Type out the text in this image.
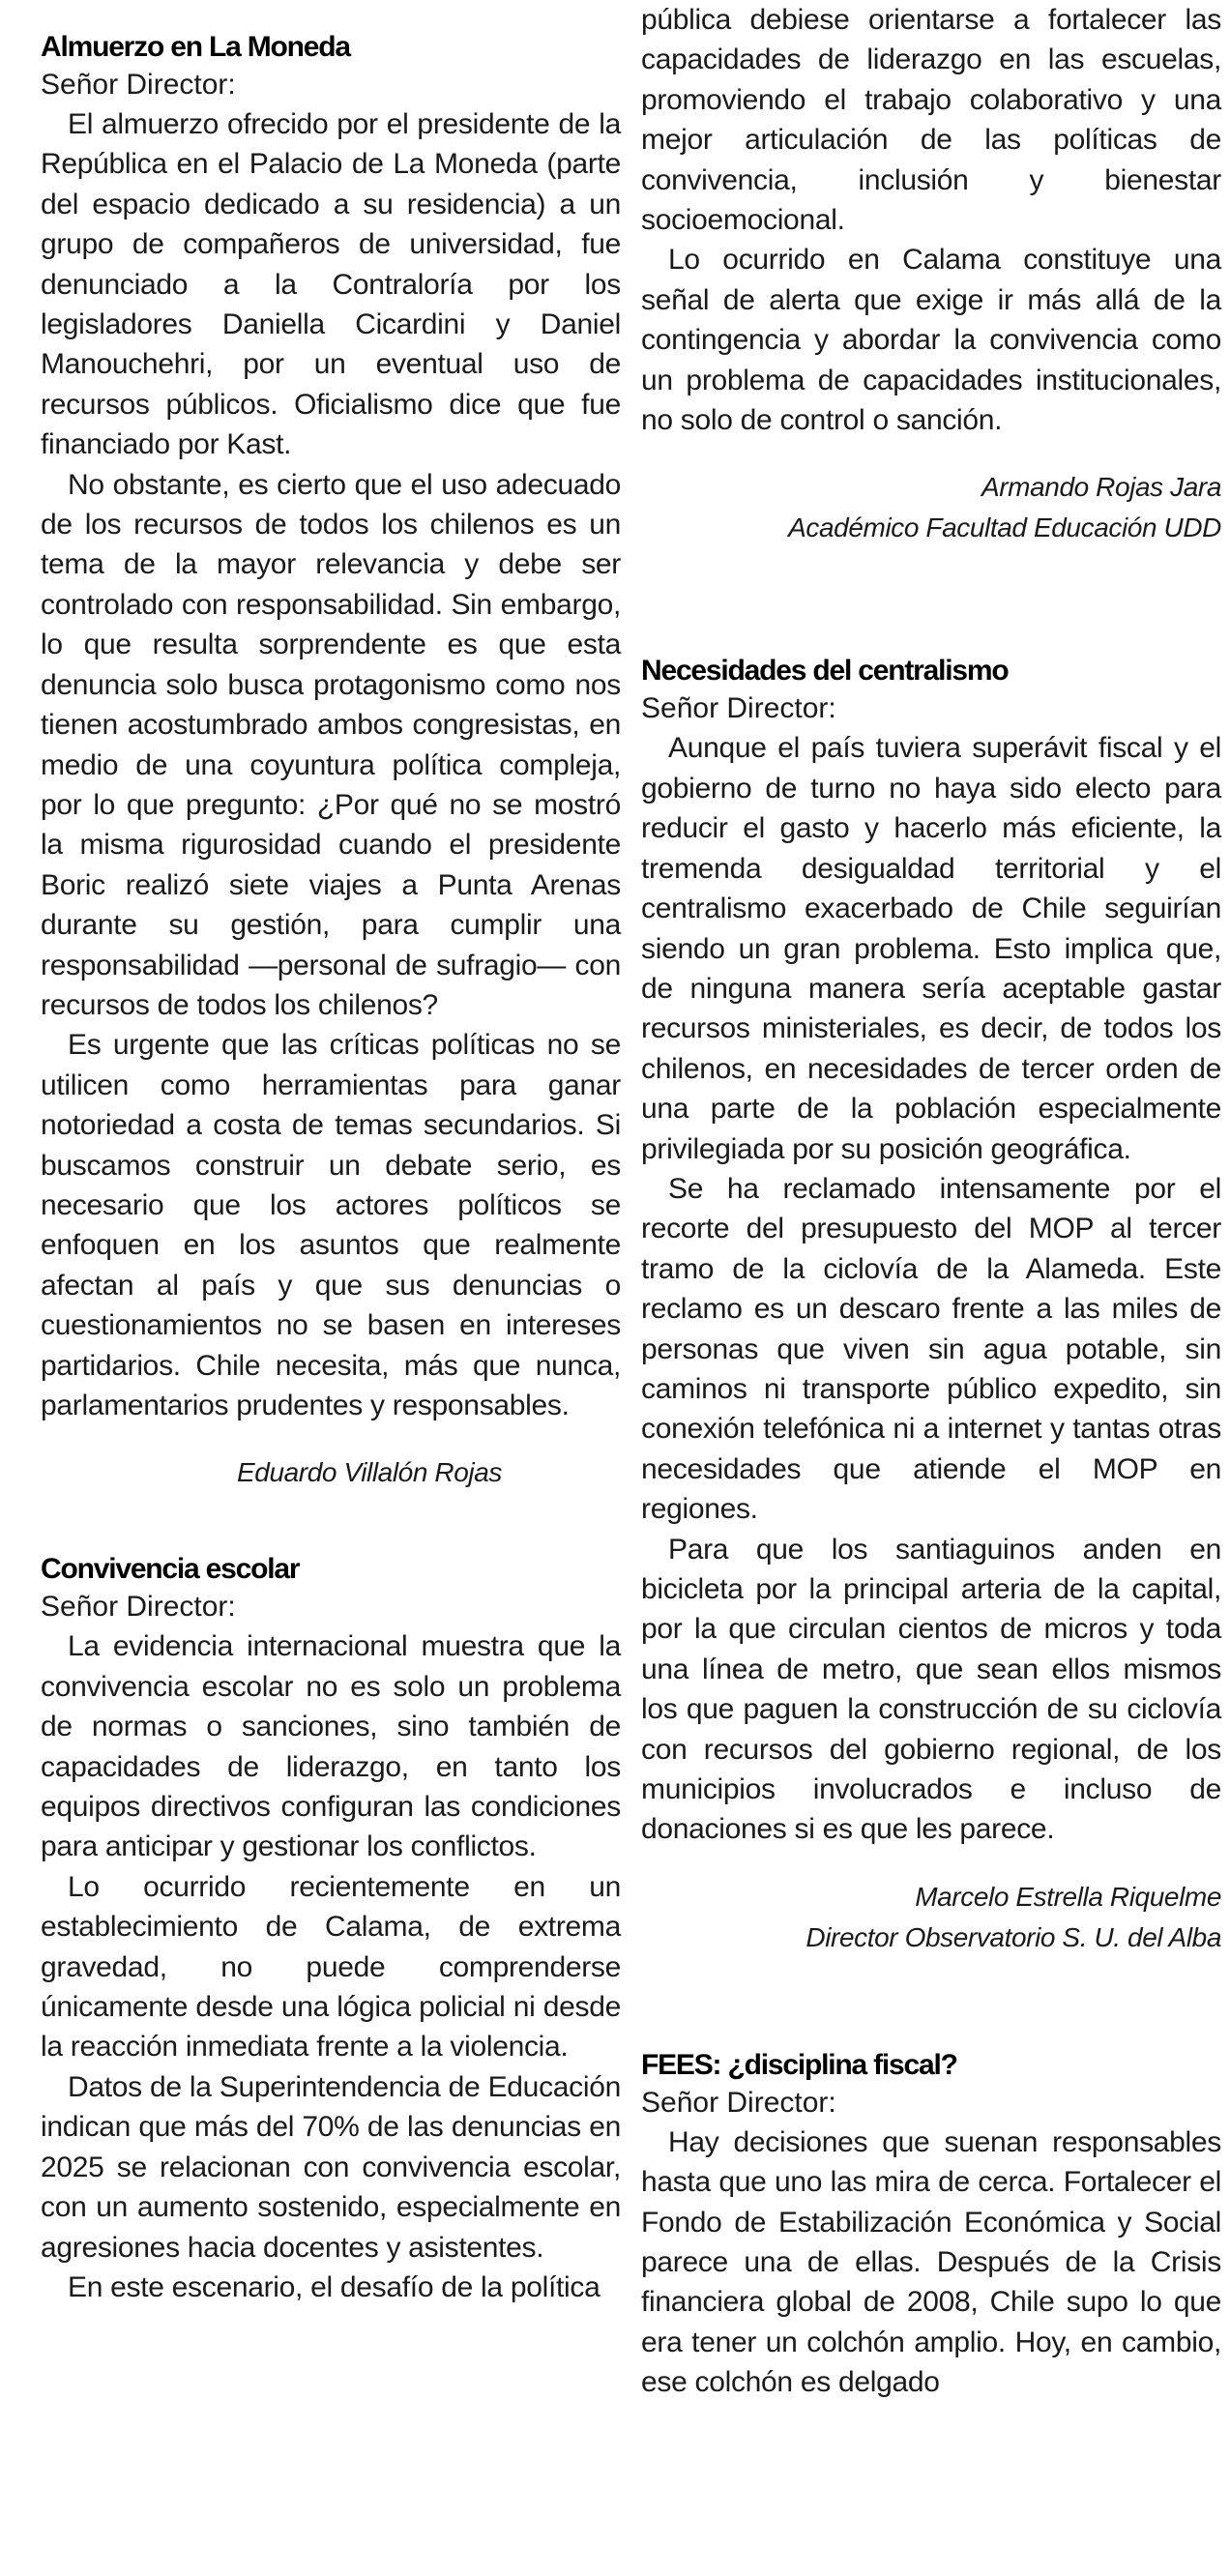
Almuerzo en La Moneda
Señor Director:

El almuerzo ofrecido por el presidente de la República en el Palacio de La Moneda (parte del espacio dedicado a su residencia) a un grupo de compañeros de universidad, fue denunciado a la Contraloría por los legisladores Daniella Cicardini y Daniel Manouchehri, por un eventual uso de recursos públicos. Oficialismo dice que fue financiado por Kast.

No obstante, es cierto que el uso adecuado de los recursos de todos los chilenos es un tema de la mayor relevancia y debe ser controlado con responsabilidad. Sin embargo, lo que resulta sorprendente es que esta denuncia solo busca protagonismo como nos tienen acostumbrado ambos congresistas, en medio de una coyuntura política compleja, por lo que pregunto: ¿Por qué no se mostró la misma rigurosidad cuando el presidente Boric realizó siete viajes a Punta Arenas durante su gestión, para cumplir una responsabilidad —personal de sufragio— con recursos de todos los chilenos?

Es urgente que las críticas políticas no se utilicen como herramientas para ganar notoriedad a costa de temas secundarios. Si buscamos construir un debate serio, es necesario que los actores políticos se enfoquen en los asuntos que realmente afectan al país y que sus denuncias o cuestionamientos no se basen en intereses partidarios. Chile necesita, más que nunca, parlamentarios prudentes y responsables.

Eduardo Villalón Rojas
Convivencia escolar
Señor Director:

La evidencia internacional muestra que la convivencia escolar no es solo un problema de normas o sanciones, sino también de capacidades de liderazgo, en tanto los equipos directivos configuran las condiciones para anticipar y gestionar los conflictos.

Lo ocurrido recientemente en un establecimiento de Calama, de extrema gravedad, no puede comprenderse únicamente desde una lógica policial ni desde la reacción inmediata frente a la violencia.

Datos de la Superintendencia de Educación indican que más del 70% de las denuncias en 2025 se relacionan con convivencia escolar, con un aumento sostenido, especialmente en agresiones hacia docentes y asistentes.

En este escenario, el desafío de la política

pública debiese orientarse a fortalecer las capacidades de liderazgo en las escuelas, promoviendo el trabajo colaborativo y una mejor articulación de las políticas de convivencia, inclusión y bienestar socioemocional.

Lo ocurrido en Calama constituye una señal de alerta que exige ir más allá de la contingencia y abordar la convivencia como un problema de capacidades institucionales, no solo de control o sanción.

Armando Rojas Jara
Académico Facultad Educación UDD
Necesidades del centralismo
Señor Director:

Aunque el país tuviera superávit fiscal y el gobierno de turno no haya sido electo para reducir el gasto y hacerlo más eficiente, la tremenda desigualdad territorial y el centralismo exacerbado de Chile seguirían siendo un gran problema. Esto implica que, de ninguna manera sería aceptable gastar recursos ministeriales, es decir, de todos los chilenos, en necesidades de tercer orden de una parte de la población especialmente privilegiada por su posición geográfica.

Se ha reclamado intensamente por el recorte del presupuesto del MOP al tercer tramo de la ciclovía de la Alameda. Este reclamo es un descaro frente a las miles de personas que viven sin agua potable, sin caminos ni transporte público expedito, sin conexión telefónica ni a internet y tantas otras necesidades que atiende el MOP en regiones.

Para que los santiaguinos anden en bicicleta por la principal arteria de la capital, por la que circulan cientos de micros y toda una línea de metro, que sean ellos mismos los que paguen la construcción de su ciclovía con recursos del gobierno regional, de los municipios involucrados e incluso de donaciones si es que les parece.

Marcelo Estrella Riquelme
Director Observatorio S. U. del Alba
FEES: ¿disciplina fiscal?
Señor Director:

Hay decisiones que suenan responsables hasta que uno las mira de cerca. Fortalecer el Fondo de Estabilización Económica y Social parece una de ellas. Después de la Crisis financiera global de 2008, Chile supo lo que era tener un colchón amplio. Hoy, en cambio, ese colchón es delgado
